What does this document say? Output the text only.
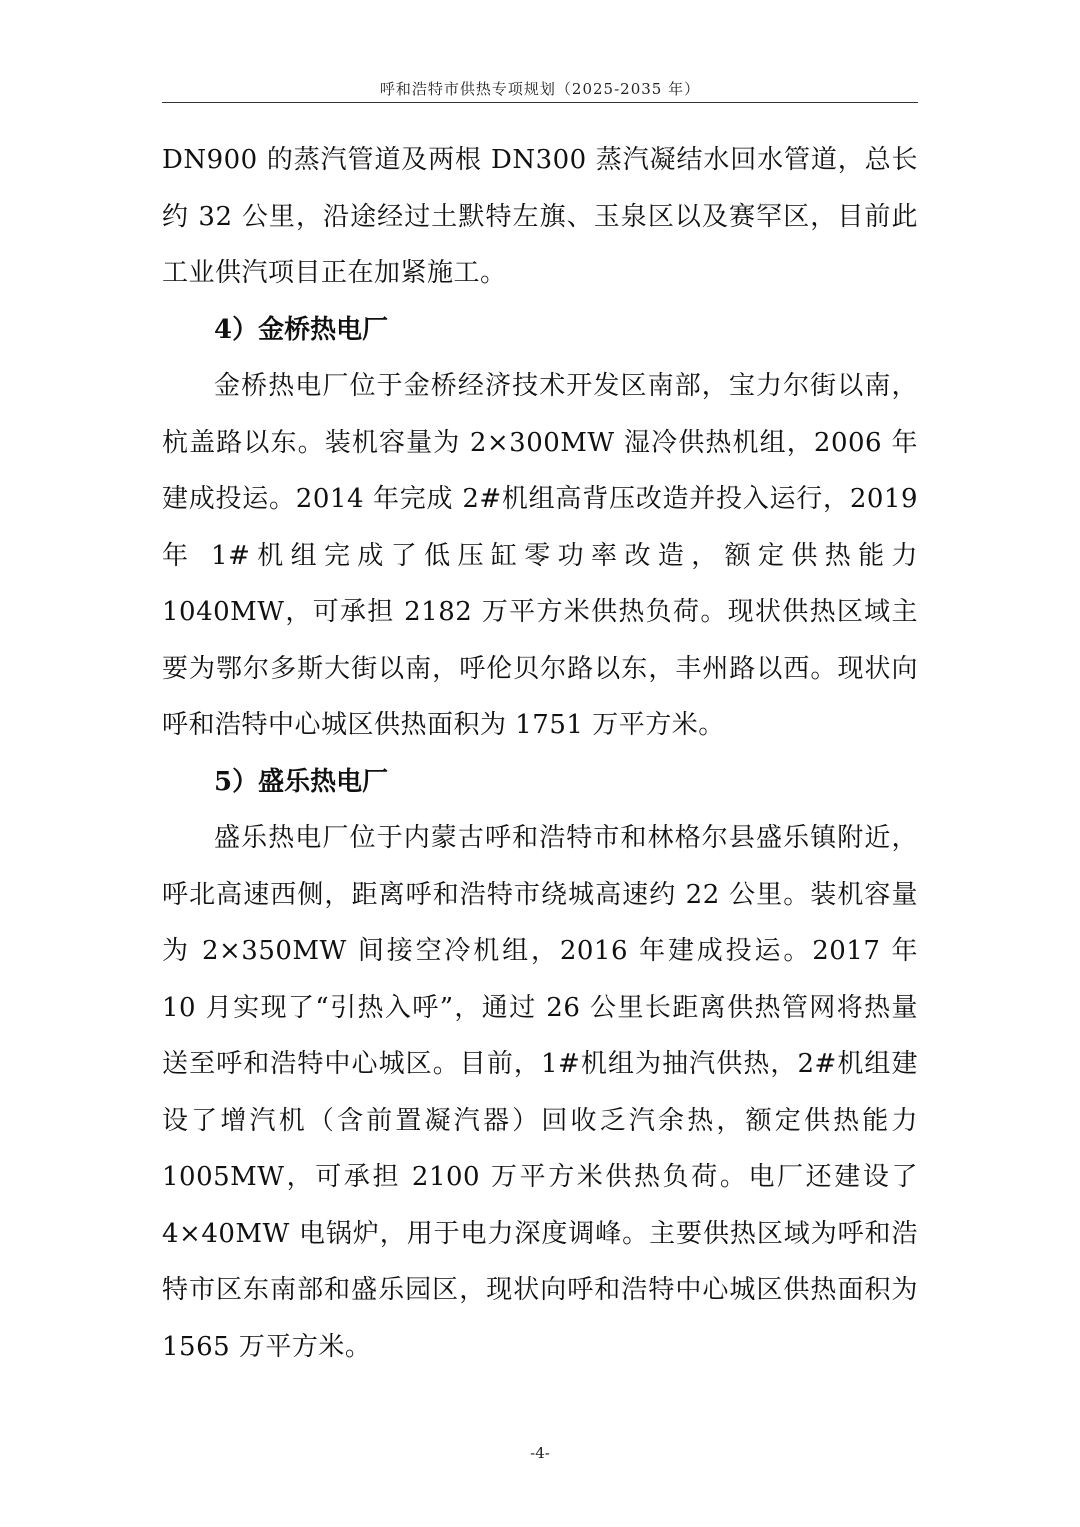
呼和浩特市供热专项规划（2025-2035 年）

DN900 的蒸汽管道及两根 DN300 蒸汽凝结水回水管道，总长约 32 公里，沿途经过土默特左旗、玉泉区以及赛罕区，目前此工业供汽项目正在加紧施工。

4）金桥热电厂

金桥热电厂位于金桥经济技术开发区南部，宝力尔街以南，杭盖路以东。装机容量为 2×300MW 湿冷供热机组，2006 年建成投运。2014 年完成 2#机组高背压改造并投入运行，2019 年 1#机组完成了低压缸零功率改造，额定供热能力 1040MW，可承担 2182 万平方米供热负荷。现状供热区域主要为鄂尔多斯大街以南，呼伦贝尔路以东，丰州路以西。现状向呼和浩特中心城区供热面积为 1751 万平方米。

5）盛乐热电厂

盛乐热电厂位于内蒙古呼和浩特市和林格尔县盛乐镇附近，呼北高速西侧，距离呼和浩特市绕城高速约 22 公里。装机容量为 2×350MW 间接空冷机组，2016 年建成投运。2017 年 10 月实现了“引热入呼”，通过 26 公里长距离供热管网将热量送至呼和浩特中心城区。目前，1#机组为抽汽供热，2#机组建设了增汽机（含前置凝汽器）回收乏汽余热，额定供热能力 1005MW，可承担 2100 万平方米供热负荷。电厂还建设了 4×40MW 电锅炉，用于电力深度调峰。主要供热区域为呼和浩特市区东南部和盛乐园区，现状向呼和浩特中心城区供热面积为 1565 万平方米。

-4-
